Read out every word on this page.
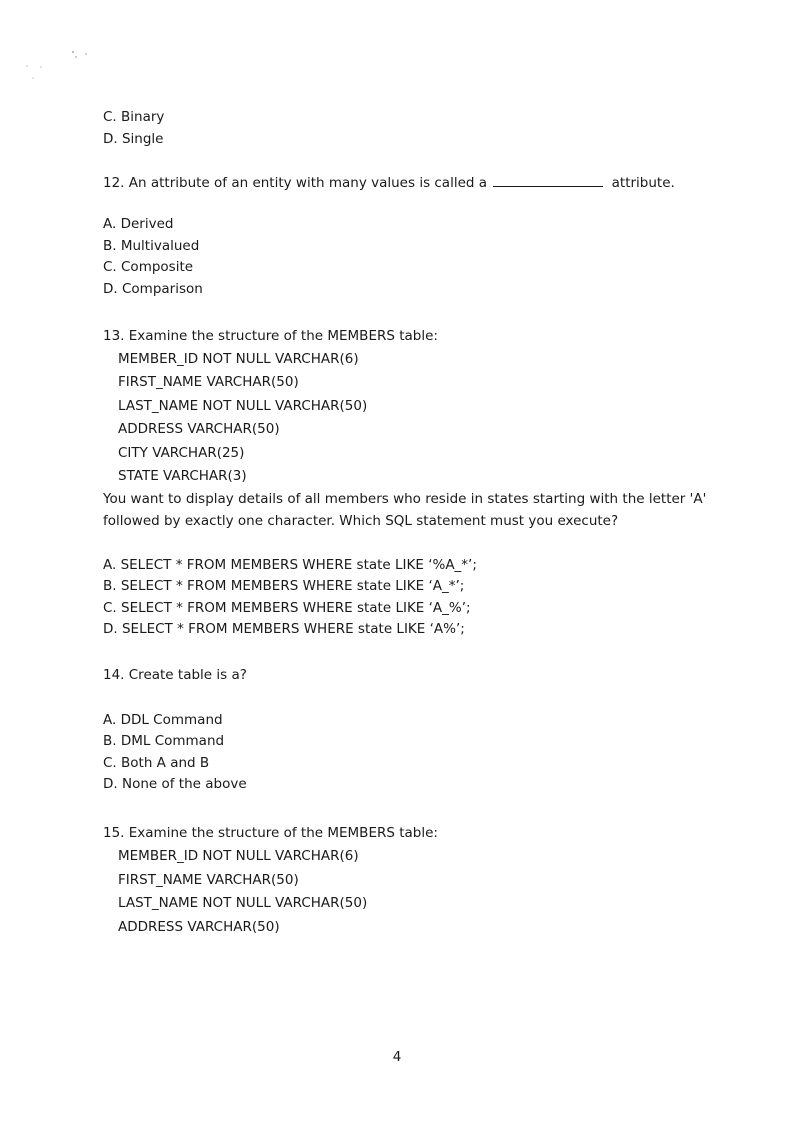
C. Binary
D. Single
12. An attribute of an entity with many values is called a	attribute.
A. Derived
B. Multivalued
C. Composite
D. Comparison
13. Examine the structure of the MEMBERS table:
MEMBER_ID NOT NULL VARCHAR(6)
FIRST_NAME VARCHAR(50)
LAST_NAME NOT NULL VARCHAR(50)
ADDRESS VARCHAR(50)
CITY VARCHAR(25)
STATE VARCHAR(3)
You want to display details of all members who reside in states starting with the letter 'A'
followed by exactly one character. Which SQL statement must you execute?
A. SELECT * FROM MEMBERS WHERE state LIKE ‘%A_*’;
B. SELECT * FROM MEMBERS WHERE state LIKE ‘A_*’;
C. SELECT * FROM MEMBERS WHERE state LIKE ‘A_%’;
D. SELECT * FROM MEMBERS WHERE state LIKE ‘A%’;
14. Create table is a?
A. DDL Command
B. DML Command
C. Both A and B
D. None of the above
15. Examine the structure of the MEMBERS table:
MEMBER_ID NOT NULL VARCHAR(6)
FIRST_NAME VARCHAR(50)
LAST_NAME NOT NULL VARCHAR(50)
ADDRESS VARCHAR(50)
4
